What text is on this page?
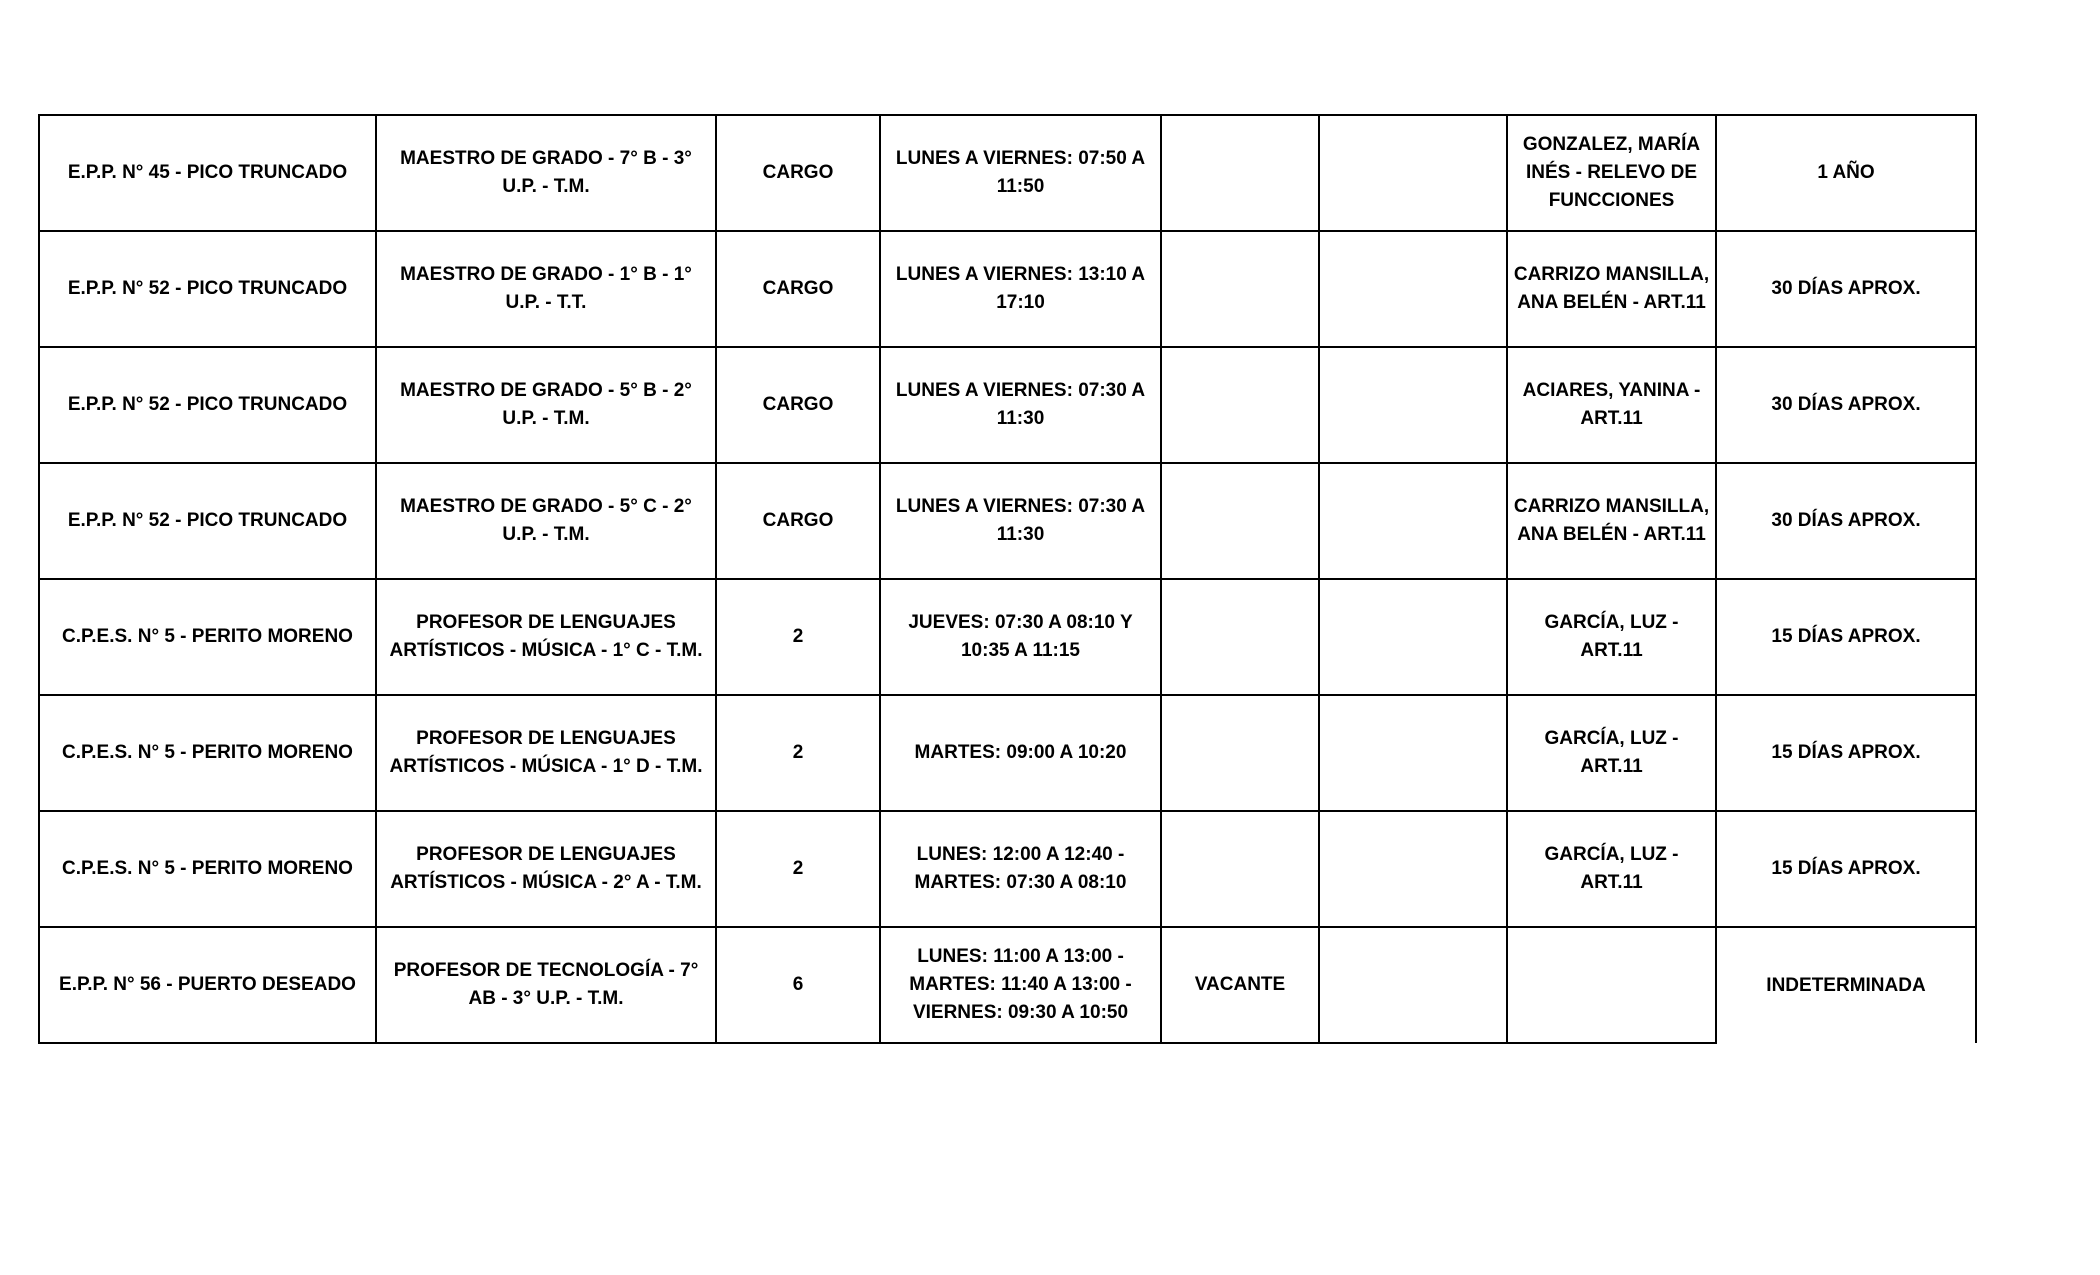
E.P.P. N° 45 - PICO TRUNCADO	MAESTRO DE GRADO - 7° B - 3° U.P. - T.M.	CARGO	LUNES A VIERNES: 07:50 A 11:50			GONZALEZ, MARÍA INÉS - RELEVO DE FUNCCIONES	1 AÑO
E.P.P. N° 52 - PICO TRUNCADO	MAESTRO DE GRADO - 1° B - 1° U.P. - T.T.	CARGO	LUNES A VIERNES: 13:10 A 17:10			CARRIZO MANSILLA, ANA BELÉN - ART.11	30 DÍAS APROX.
E.P.P. N° 52 - PICO TRUNCADO	MAESTRO DE GRADO - 5° B - 2° U.P. - T.M.	CARGO	LUNES A VIERNES: 07:30 A 11:30			ACIARES, YANINA - ART.11	30 DÍAS APROX.
E.P.P. N° 52 - PICO TRUNCADO	MAESTRO DE GRADO - 5° C - 2° U.P. - T.M.	CARGO	LUNES A VIERNES: 07:30 A 11:30			CARRIZO MANSILLA, ANA BELÉN - ART.11	30 DÍAS APROX.
C.P.E.S. N° 5 - PERITO MORENO	PROFESOR DE LENGUAJES ARTÍSTICOS - MÚSICA - 1° C - T.M.	2	JUEVES: 07:30 A 08:10 Y 10:35 A 11:15			GARCÍA, LUZ - ART.11	15 DÍAS APROX.
C.P.E.S. N° 5 - PERITO MORENO	PROFESOR DE LENGUAJES ARTÍSTICOS - MÚSICA - 1° D - T.M.	2	MARTES: 09:00 A 10:20			GARCÍA, LUZ - ART.11	15 DÍAS APROX.
C.P.E.S. N° 5 - PERITO MORENO	PROFESOR DE LENGUAJES ARTÍSTICOS - MÚSICA - 2° A - T.M.	2	LUNES: 12:00 A 12:40 - MARTES: 07:30 A 08:10			GARCÍA, LUZ - ART.11	15 DÍAS APROX.
E.P.P. N° 56 - PUERTO DESEADO	PROFESOR DE TECNOLOGÍA - 7° AB - 3° U.P. - T.M.	6	LUNES: 11:00 A 13:00 - MARTES: 11:40 A 13:00 - VIERNES: 09:30 A 10:50	VACANTE			INDETERMINADA
